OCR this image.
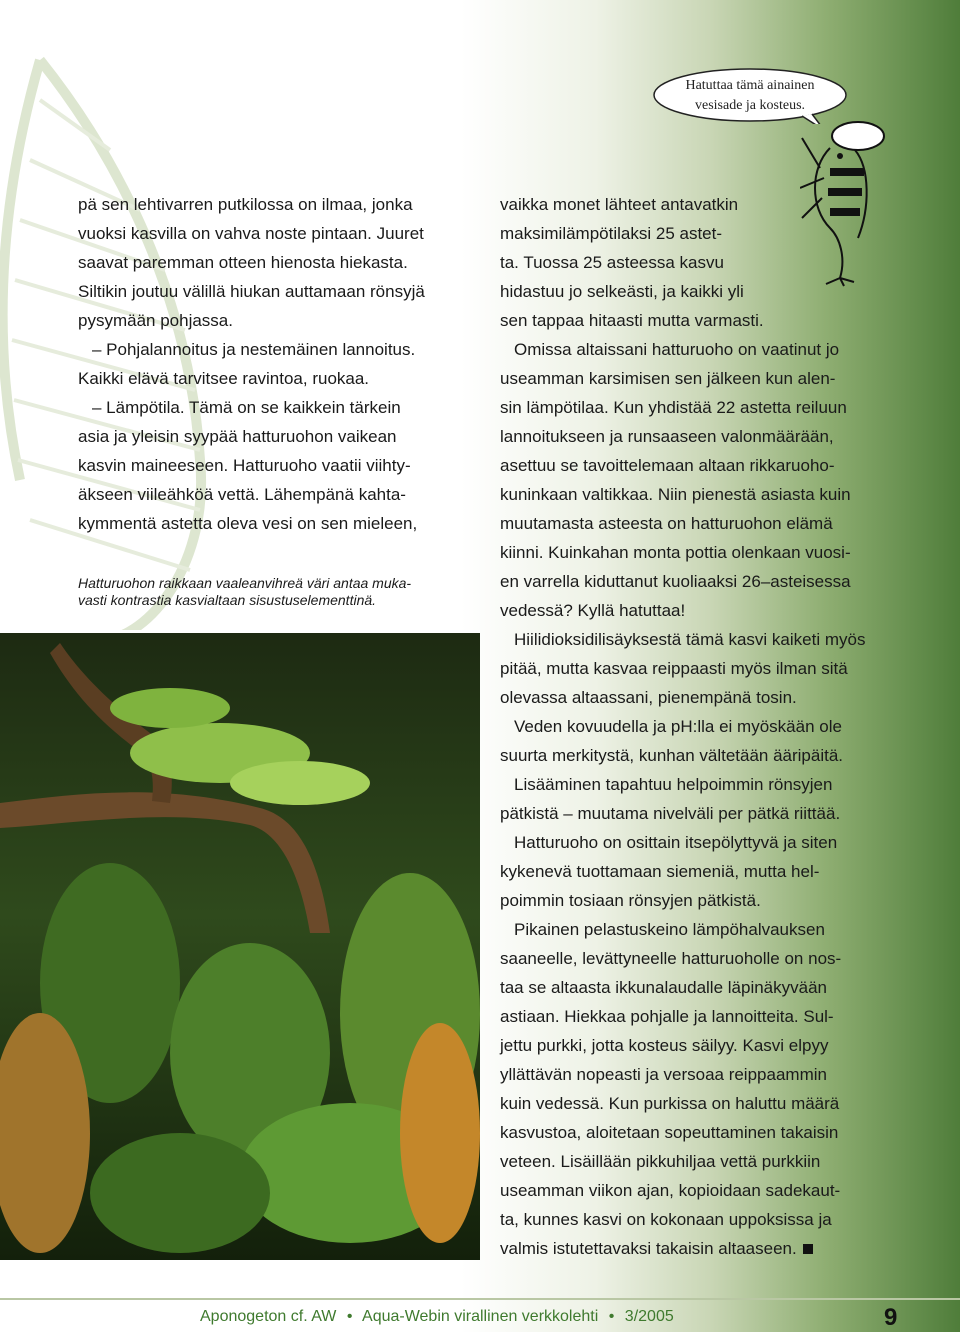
Hatuttaa tämä ainainen
vesisade ja kosteus.

pä sen lehtivarren putkilossa on ilmaa, jonka

vuoksi kasvilla on vahva noste pintaan. Juuret

saavat paremman otteen hienosta hiekasta.

Siltikin joutuu välillä hiukan auttamaan rönsyjä

pysymään pohjassa.

– Pohjalannoitus ja nestemäinen lannoitus.

Kaikki elävä tarvitsee ravintoa, ruokaa.

– Lämpötila. Tämä on se kaikkein tärkein

asia ja yleisin syypää hatturuohon vaikean

kasvin maineeseen. Hatturuoho vaatii viihty-

äkseen viileähköä vettä. Lähempänä kahta-

kymmentä astetta oleva vesi on sen mieleen,

Hatturuohon raikkaan vaaleanvihreä väri antaa muka-
vasti kontrastia kasvialtaan sisustuselementtinä.

vaikka monet lähteet antavatkin

maksimilämpötilaksi 25 astet-

ta. Tuossa 25 asteessa kasvu

hidastuu jo selkeästi, ja kaikki yli

sen tappaa hitaasti mutta varmasti.

Omissa altaissani hatturuoho on vaatinut jo

useamman karsimisen sen jälkeen kun alen-

sin lämpötilaa. Kun yhdistää 22 astetta reiluun

lannoitukseen ja runsaaseen valonmäärään,

asettuu se tavoittelemaan altaan rikkaruoho-

kuninkaan valtikkaa. Niin pienestä asiasta kuin

muutamasta asteesta on hatturuohon elämä

kiinni. Kuinkahan monta pottia olenkaan vuosi-

en varrella kiduttanut kuoliaaksi 26–asteisessa

vedessä? Kyllä hatuttaa!

Hiilidioksidilisäyksestä tämä kasvi kaiketi myös

pitää, mutta kasvaa reippaasti myös ilman sitä

olevassa altaassani, pienempänä tosin.

Veden kovuudella ja pH:lla ei myöskään ole

suurta merkitystä, kunhan vältetään ääripäitä.

Lisääminen tapahtuu helpoimmin rönsyjen

pätkistä – muutama nivelväli per pätkä riittää.

Hatturuoho on osittain itsepölyttyvä ja siten

kykenevä tuottamaan siemeniä, mutta hel-

poimmin tosiaan rönsyjen pätkistä.

Pikainen pelastuskeino lämpöhalvauksen

saaneelle, levättyneelle hatturuoholle on nos-

taa se altaasta ikkunalaudalle läpinäkyvään

astiaan. Hiekkaa pohjalle ja lannoitteita. Sul-

jettu purkki, jotta kosteus säilyy. Kasvi elpyy

yllättävän nopeasti ja versoaa reippaammin

kuin vedessä. Kun purkissa on haluttu määrä

kasvustoa, aloitetaan sopeuttaminen takaisin

veteen. Lisäillään pikkuhiljaa vettä purkkiin

useamman viikon ajan, kopioidaan sadekaut-

ta, kunnes kasvi on kokonaan uppoksissa ja

valmis istutettavaksi takaisin altaaseen.

Aponogeton cf. AW • Aqua-Webin virallinen verkkolehti • 3/2005	9
